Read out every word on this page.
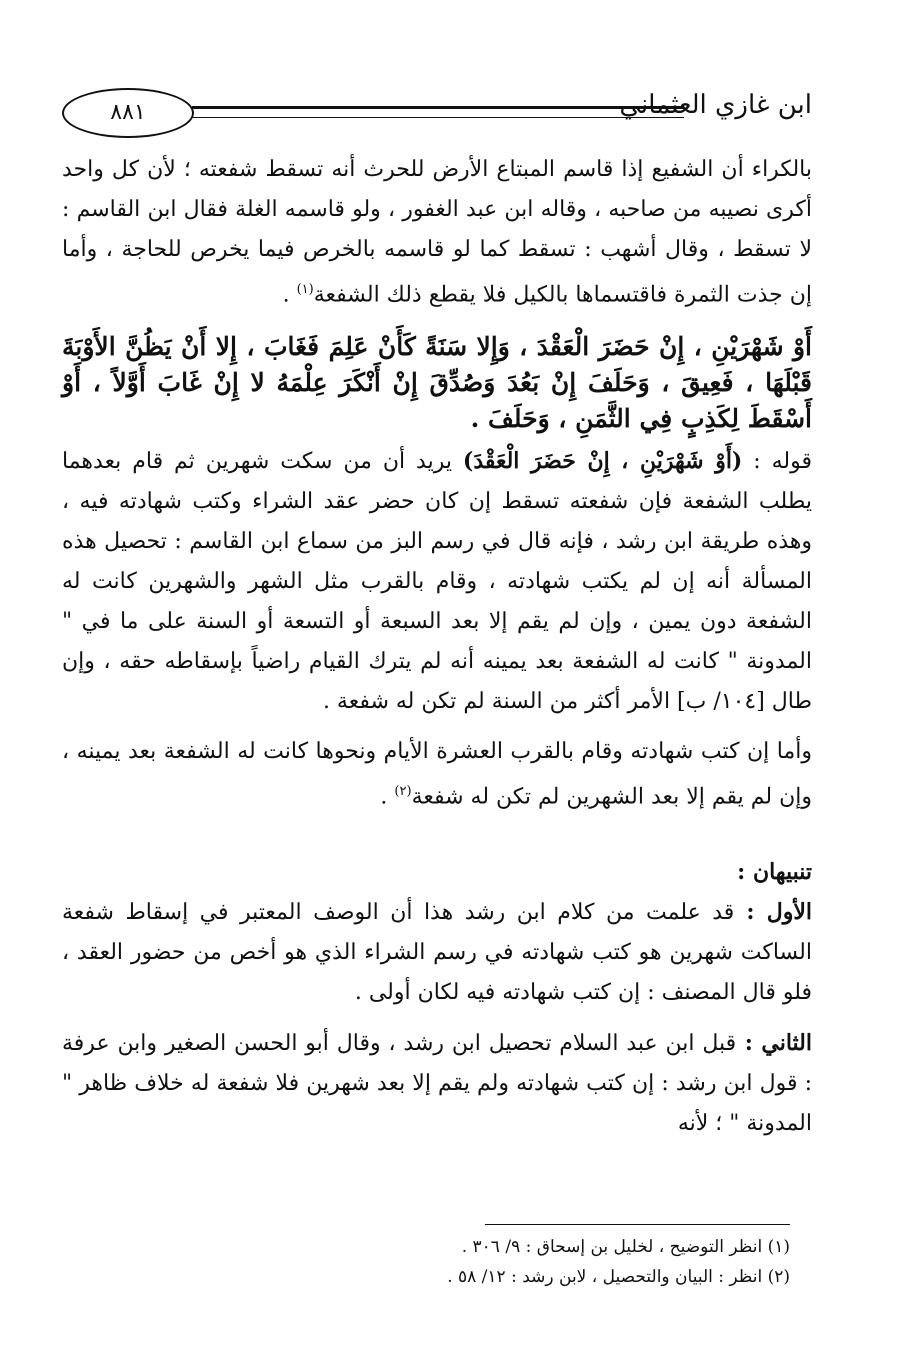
٨٨١	ابن غازي العثماني

بالكراء أن الشفيع إذا قاسم المبتاع الأرض للحرث أنه تسقط شفعته ؛ لأن كل واحد أكرى نصيبه من صاحبه ، وقاله ابن عبد الغفور ، ولو قاسمه الغلة فقال ابن القاسم : لا تسقط ، وقال أشهب : تسقط كما لو قاسمه بالخرص فيما يخرص للحاجة ، وأما إن جذت الثمرة فاقتسماها بالكيل فلا يقطع ذلك الشفعة$^{(١)}$ .

أَوْ شَهْرَيْنِ ، إِنْ حَضَرَ الْعَقْدَ ، وَإِلا سَنَةً كَأَنْ عَلِمَ فَغَابَ ، إِلا أَنْ يَظُنَّ الأَوْبَةَ قَبْلَهَا ، فَعِيقَ ، وَحَلَفَ إِنْ بَعُدَ وَصُدِّقَ إِنْ أَنْكَرَ عِلْمَهُ لا إِنْ غَابَ أَوَّلاً ، أَوْ أَسْقَطَ لِكَذِبٍ فِي الثَّمَنِ ، وَحَلَفَ .

قوله : (أَوْ شَهْرَيْنِ ، إِنْ حَضَرَ الْعَقْدَ) يريد أن من سكت شهرين ثم قام بعدهما يطلب الشفعة فإن شفعته تسقط إن كان حضر عقد الشراء وكتب شهادته فيه ، وهذه طريقة ابن رشد ، فإنه قال في رسم البز من سماع ابن القاسم : تحصيل هذه المسألة أنه إن لم يكتب شهادته ، وقام بالقرب مثل الشهر والشهرين كانت له الشفعة دون يمين ، وإن لم يقم إلا بعد السبعة أو التسعة أو السنة على ما في " المدونة " كانت له الشفعة بعد يمينه أنه لم يترك القيام راضياً بإسقاطه حقه ، وإن طال [١٠٤/ ب] الأمر أكثر من السنة لم تكن له شفعة .

وأما إن كتب شهادته وقام بالقرب العشرة الأيام ونحوها كانت له الشفعة بعد يمينه ، وإن لم يقم إلا بعد الشهرين لم تكن له شفعة$^{(٢)}$ .

تنبيهان :

الأول : قد علمت من كلام ابن رشد هذا أن الوصف المعتبر في إسقاط شفعة الساكت شهرين هو كتب شهادته في رسم الشراء الذي هو أخص من حضور العقد ، فلو قال المصنف : إن كتب شهادته فيه لكان أولى .

الثاني : قبل ابن عبد السلام تحصيل ابن رشد ، وقال أبو الحسن الصغير وابن عرفة : قول ابن رشد : إن كتب شهادته ولم يقم إلا بعد شهرين فلا شفعة له خلاف ظاهر " المدونة " ؛ لأنه

(١) انظر التوضيح ، لخليل بن إسحاق : ٩/ ٣٠٦ .

(٢) انظر : البيان والتحصيل ، لابن رشد : ١٢/ ٥٨ .
